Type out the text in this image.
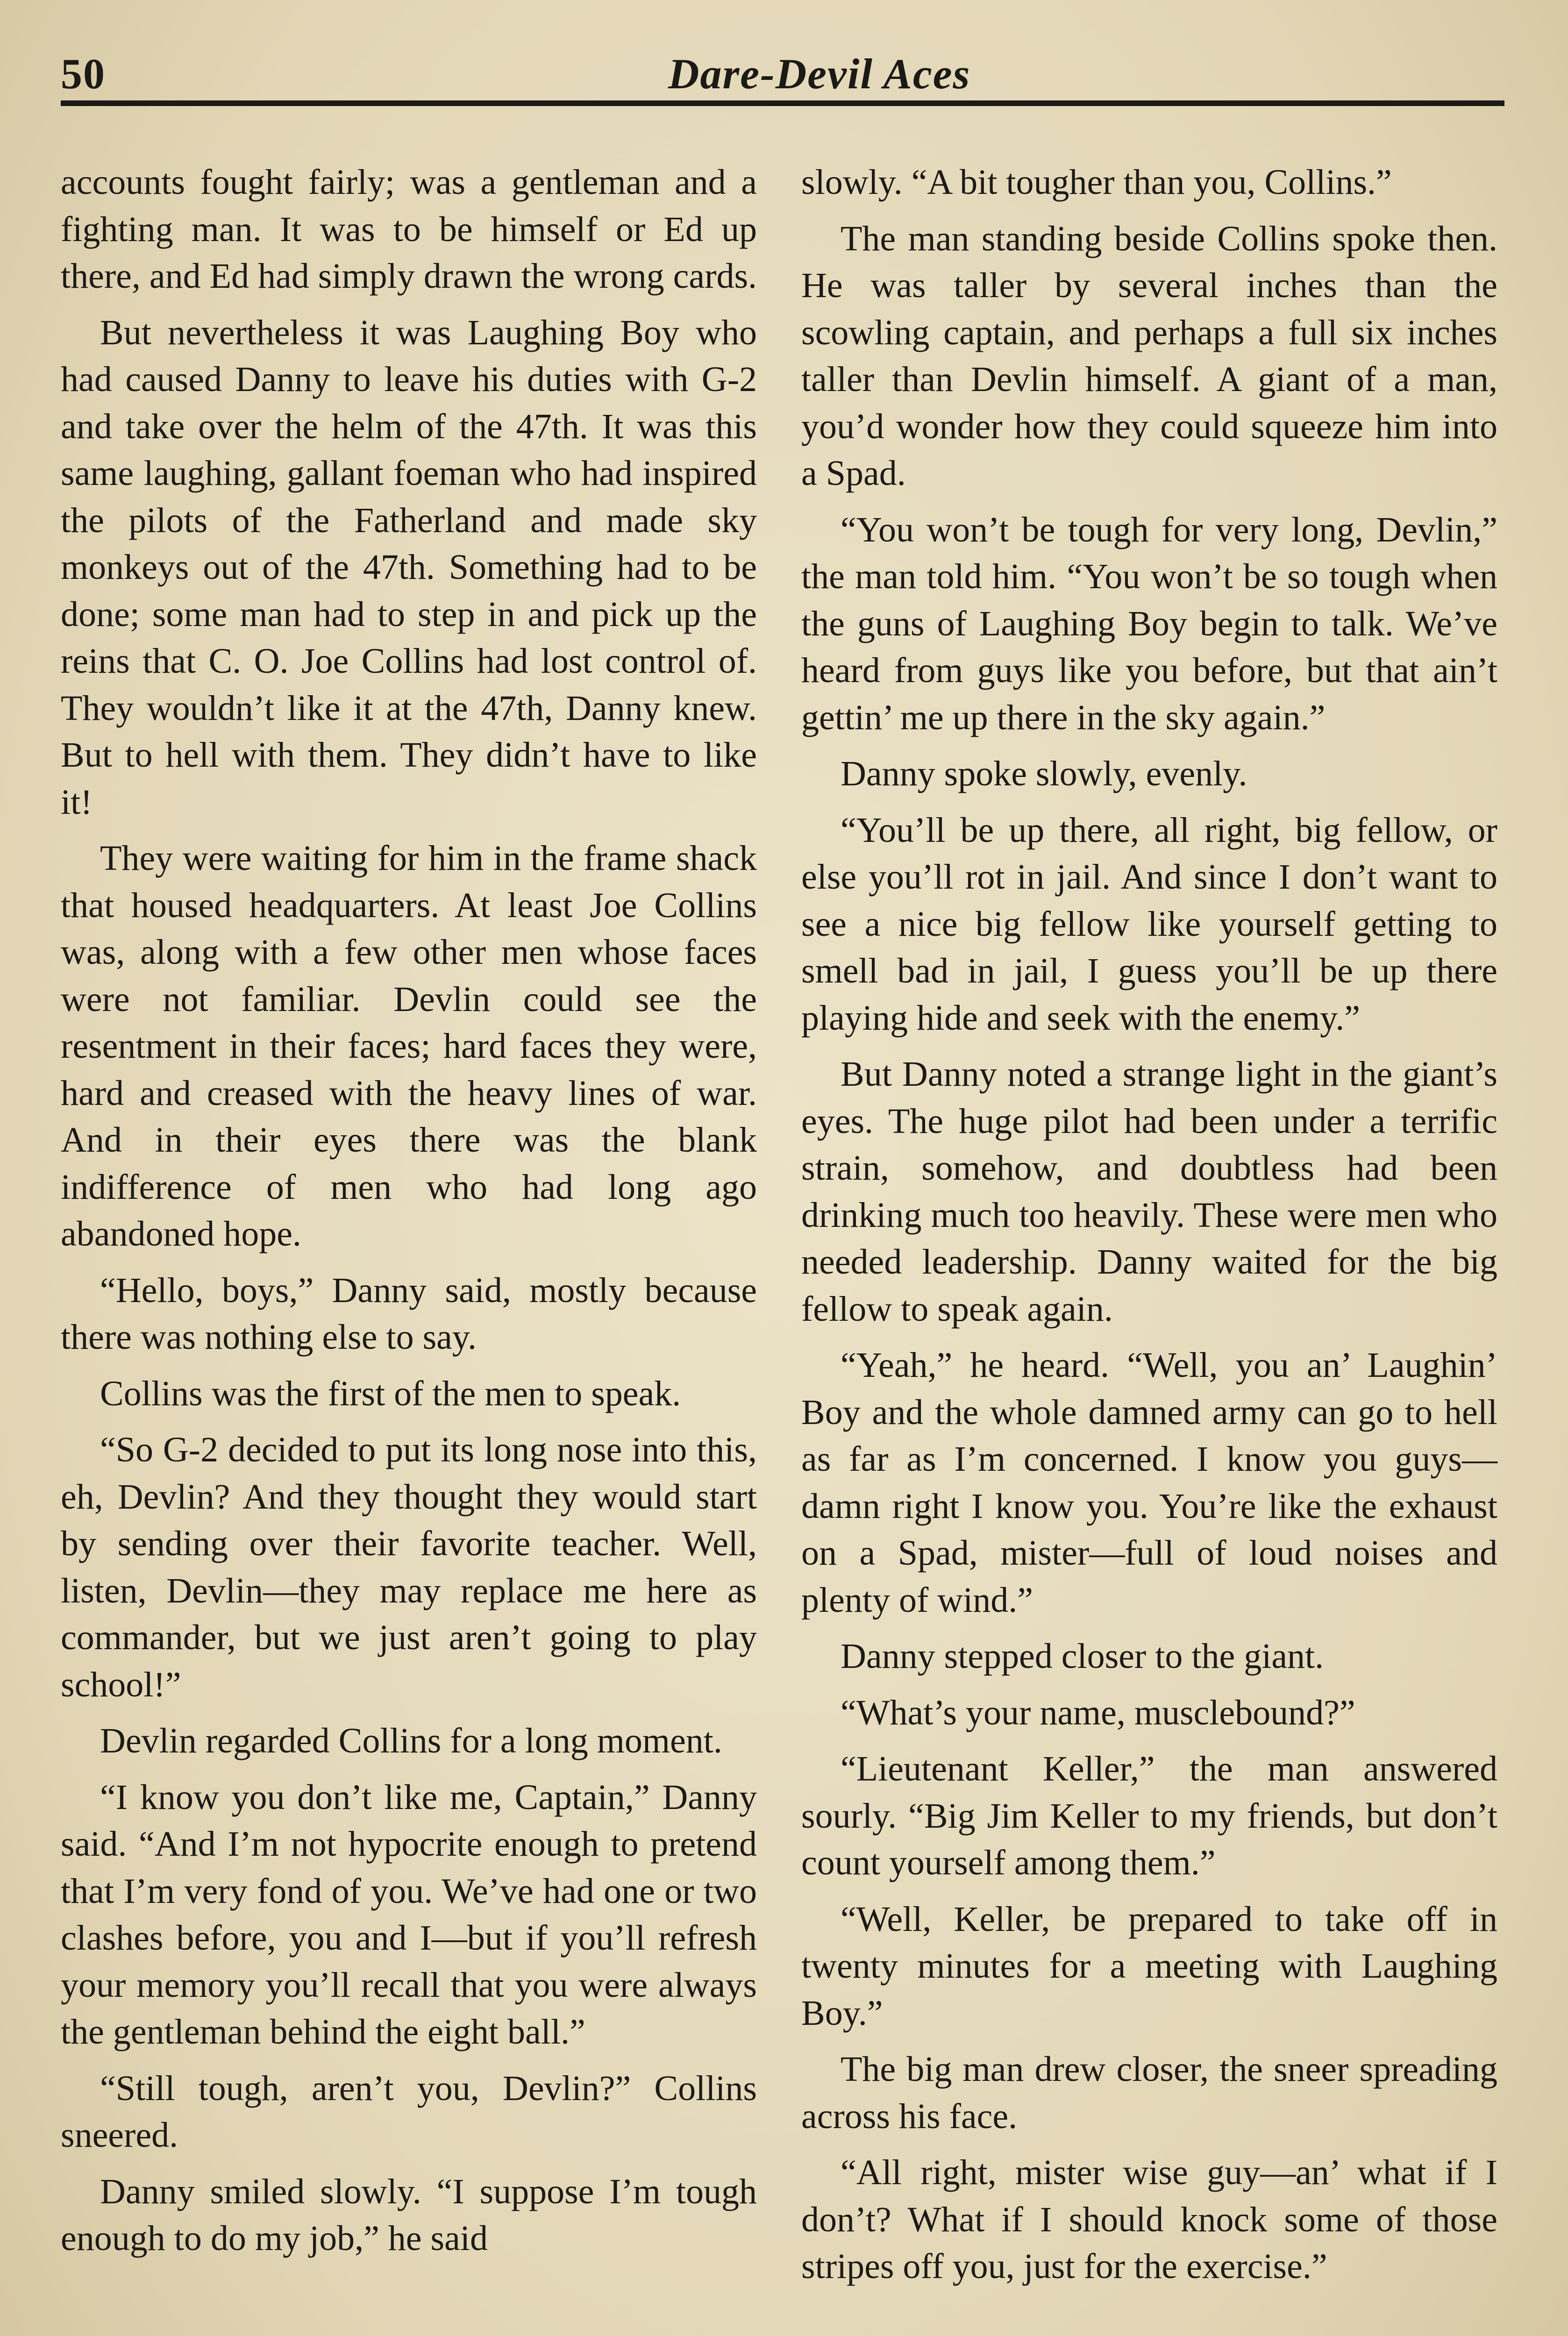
50	Dare-Devil Aces

accounts fought fairly; was a gentleman and a fighting man. It was to be himself or Ed up there, and Ed had simply drawn the wrong cards.

But nevertheless it was Laughing Boy who had caused Danny to leave his duties with G-2 and take over the helm of the 47th. It was this same laughing, gallant foeman who had inspired the pilots of the Fatherland and made sky monkeys out of the 47th. Something had to be done; some man had to step in and pick up the reins that C. O. Joe Collins had lost control of. They wouldn’t like it at the 47th, Danny knew. But to hell with them. They didn’t have to like it!

They were waiting for him in the frame shack that housed headquarters. At least Joe Collins was, along with a few other men whose faces were not familiar. Devlin could see the resentment in their faces; hard faces they were, hard and creased with the heavy lines of war. And in their eyes there was the blank indifference of men who had long ago abandoned hope.

“Hello, boys,” Danny said, mostly because there was nothing else to say.

Collins was the first of the men to speak.

“So G-2 decided to put its long nose into this, eh, Devlin? And they thought they would start by sending over their favorite teacher. Well, listen, Devlin—they may replace me here as commander, but we just aren’t going to play school!”

Devlin regarded Collins for a long moment.

“I know you don’t like me, Captain,” Danny said. “And I’m not hypocrite enough to pretend that I’m very fond of you. We’ve had one or two clashes before, you and I—but if you’ll refresh your memory you’ll recall that you were always the gentleman behind the eight ball.”

“Still tough, aren’t you, Devlin?” Collins sneered.

Danny smiled slowly. “I suppose I’m tough enough to do my job,” he said

slowly. “A bit tougher than you, Collins.”

The man standing beside Collins spoke then. He was taller by several inches than the scowling captain, and perhaps a full six inches taller than Devlin himself. A giant of a man, you’d wonder how they could squeeze him into a Spad.

“You won’t be tough for very long, Devlin,” the man told him. “You won’t be so tough when the guns of Laughing Boy begin to talk. We’ve heard from guys like you before, but that ain’t gettin’ me up there in the sky again.”

Danny spoke slowly, evenly.

“You’ll be up there, all right, big fellow, or else you’ll rot in jail. And since I don’t want to see a nice big fellow like yourself getting to smell bad in jail, I guess you’ll be up there playing hide and seek with the enemy.”

But Danny noted a strange light in the giant’s eyes. The huge pilot had been under a terrific strain, somehow, and doubtless had been drinking much too heavily. These were men who needed leadership. Danny waited for the big fellow to speak again.

“Yeah,” he heard. “Well, you an’ Laughin’ Boy and the whole damned army can go to hell as far as I’m concerned. I know you guys—damn right I know you. You’re like the exhaust on a Spad, mister—full of loud noises and plenty of wind.”

Danny stepped closer to the giant.

“What’s your name, musclebound?”

“Lieutenant Keller,” the man answered sourly. “Big Jim Keller to my friends, but don’t count yourself among them.”

“Well, Keller, be prepared to take off in twenty minutes for a meeting with Laughing Boy.”

The big man drew closer, the sneer spreading across his face.

“All right, mister wise guy—an’ what if I don’t? What if I should knock some of those stripes off you, just for the exercise.”
